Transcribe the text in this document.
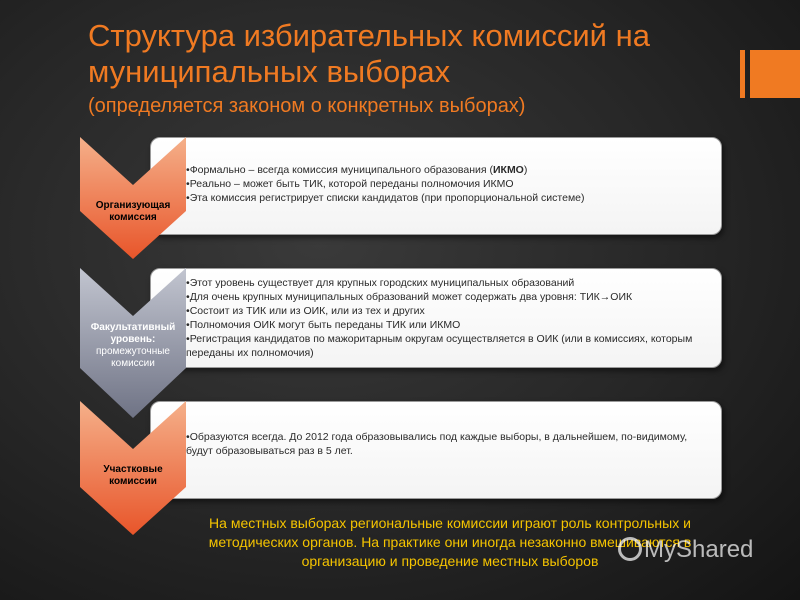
Структура избирательных комиссий на муниципальных выборах
(определяется законом о конкретных выборах)
Организующая комиссия
• Формально – всегда комиссия муниципального образования (ИКМО)
• Реально – может быть ТИК, которой переданы полномочия ИКМО
• Эта комиссия регистрирует списки кандидатов (при пропорциональной системе)
Факультативный уровень:
промежуточные комиссии
• Этот уровень существует для крупных городских муниципальных образований
• Для очень крупных муниципальных образований может содержать два уровня: ТИК→ОИК
• Состоит из ТИК или из ОИК, или из тех и других
• Полномочия ОИК могут быть переданы ТИК или ИКМО
• Регистрация кандидатов по мажоритарным округам осуществляется в ОИК (или в комиссиях, которым переданы их полномочия)
Участковые комиссии
• Образуются всегда. До 2012 года образовывались под каждые выборы, в дальнейшем, по-видимому, будут образовываться раз в 5 лет.
На местных выборах региональные комиссии играют роль контрольных и методических органов. На практике они иногда незаконно вмешиваются в организацию и проведение местных выборов	MyShared
